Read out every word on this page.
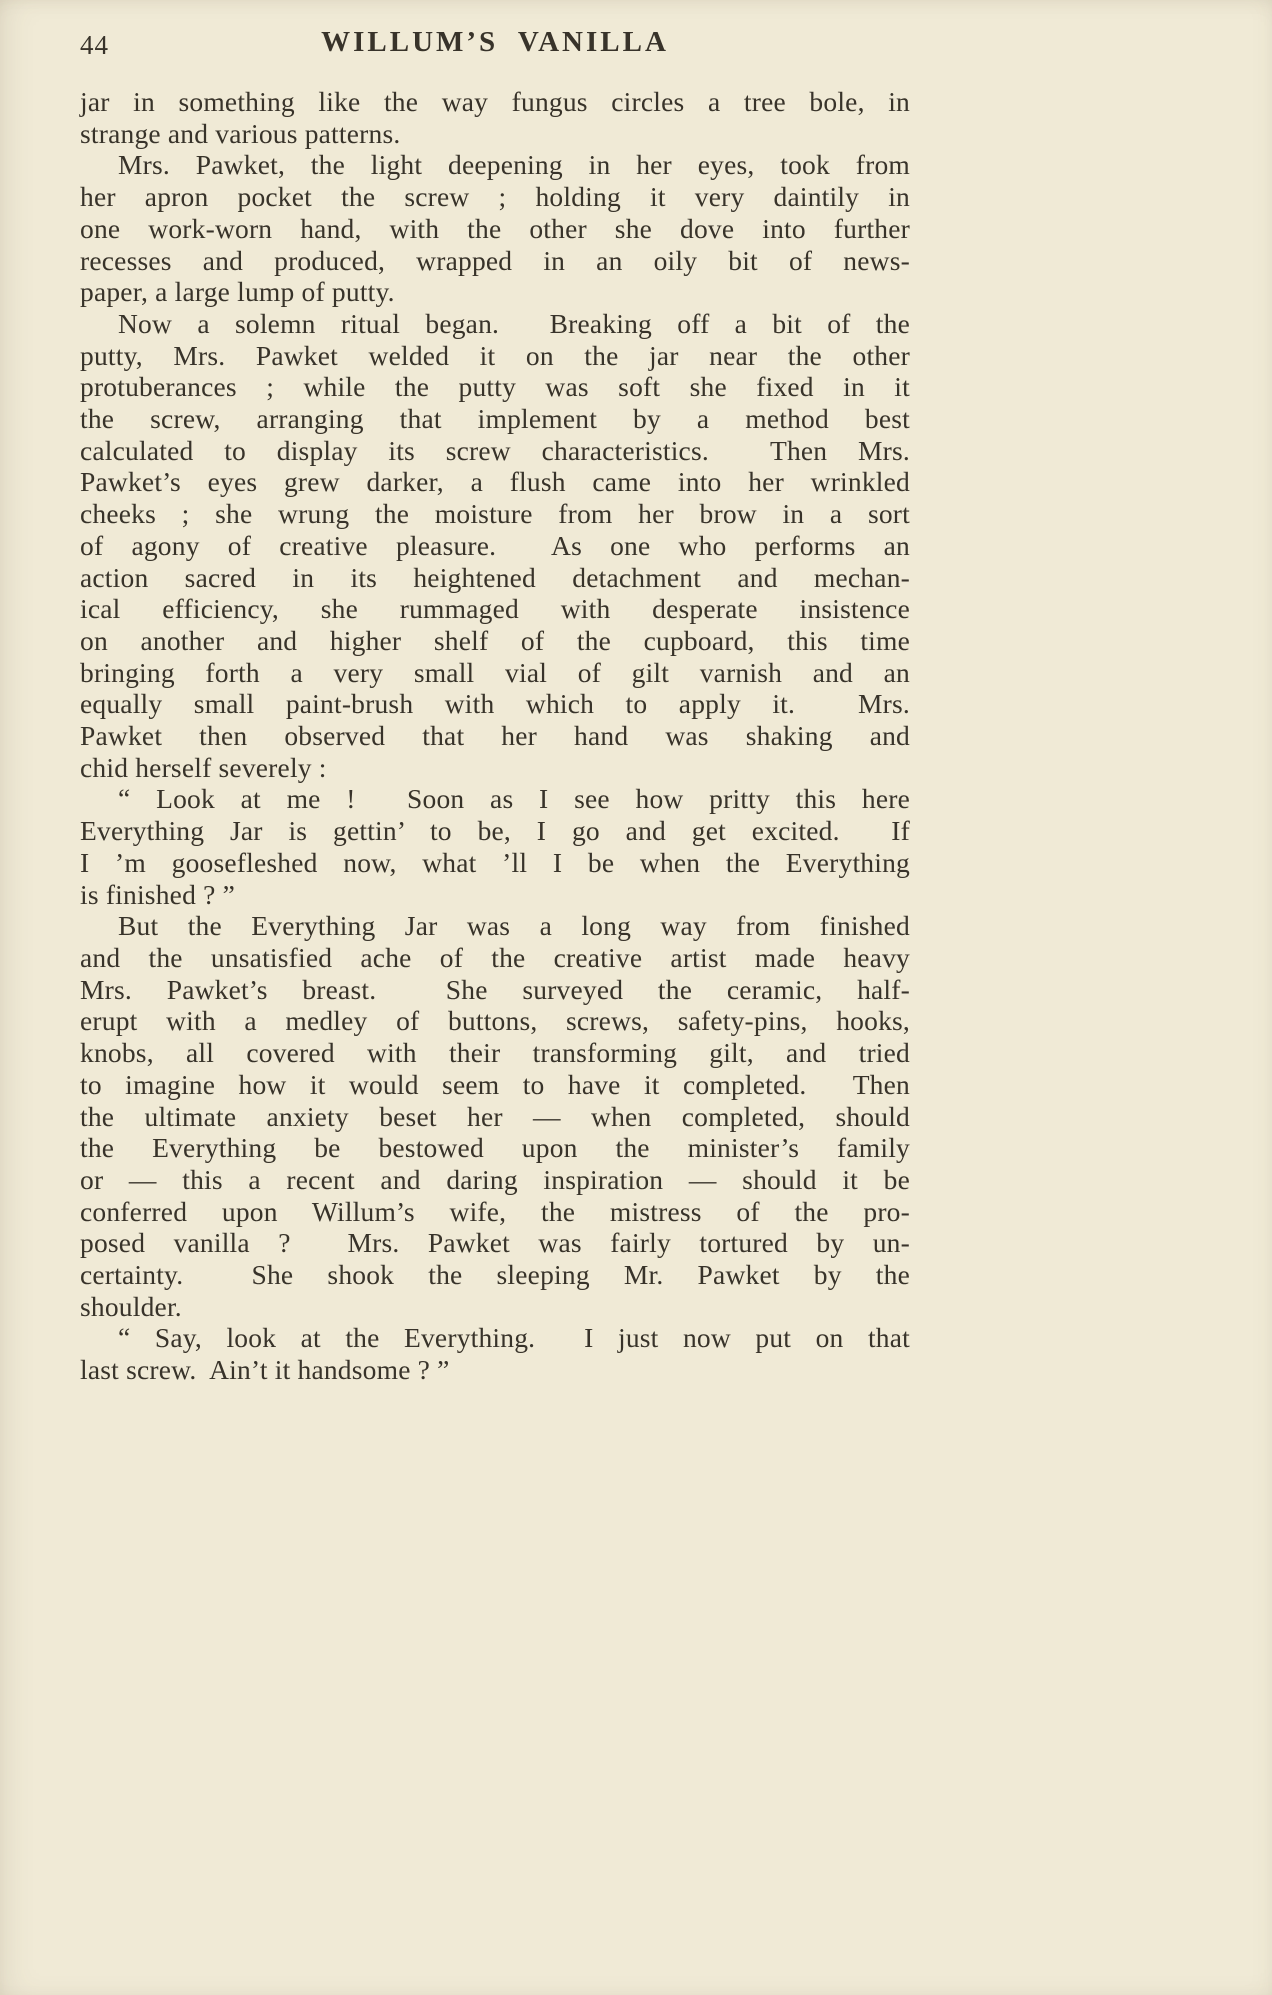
44	WILLUM’S VANILLA
jar in something like the way fungus circles a tree bole, in
strange and various patterns.
Mrs. Pawket, the light deepening in her eyes, took from
her apron pocket the screw ; holding it very daintily in
one work-worn hand, with the other she dove into further
recesses and produced, wrapped in an oily bit of news-
paper, a large lump of putty.
Now a solemn ritual began.  Breaking off a bit of the
putty, Mrs. Pawket welded it on the jar near the other
protuberances ; while the putty was soft she fixed in it
the screw, arranging that implement by a method best
calculated to display its screw characteristics.  Then Mrs.
Pawket’s eyes grew darker, a flush came into her wrinkled
cheeks ; she wrung the moisture from her brow in a sort
of agony of creative pleasure.  As one who performs an
action sacred in its heightened detachment and mechan-
ical efficiency, she rummaged with desperate insistence
on another and higher shelf of the cupboard, this time
bringing forth a very small vial of gilt varnish and an
equally small paint-brush with which to apply it.  Mrs.
Pawket then observed that her hand was shaking and
chid herself severely :
“ Look at me !  Soon as I see how pritty this here
Everything Jar is gettin’ to be, I go and get excited.  If
I ’m goosefleshed now, what ’ll I be when the Everything
is finished ? ”
But the Everything Jar was a long way from finished
and the unsatisfied ache of the creative artist made heavy
Mrs. Pawket’s breast.  She surveyed the ceramic, half-
erupt with a medley of buttons, screws, safety-pins, hooks,
knobs, all covered with their transforming gilt, and tried
to imagine how it would seem to have it completed.  Then
the ultimate anxiety beset her — when completed, should
the Everything be bestowed upon the minister’s family
or — this a recent and daring inspiration — should it be
conferred upon Willum’s wife, the mistress of the pro-
posed vanilla ?  Mrs. Pawket was fairly tortured by un-
certainty.  She shook the sleeping Mr. Pawket by the
shoulder.
“ Say, look at the Everything.  I just now put on that
last screw.  Ain’t it handsome ? ”
